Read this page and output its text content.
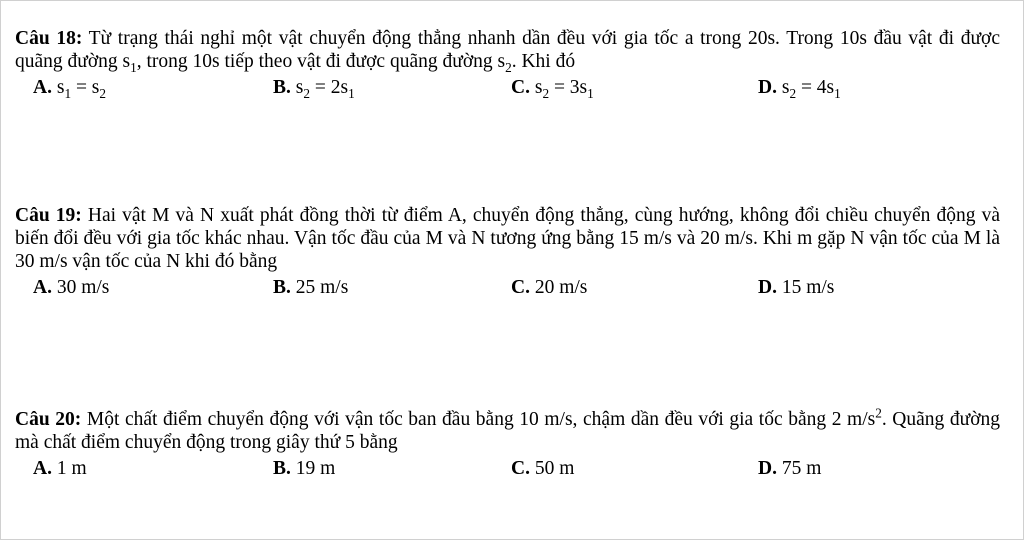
Câu 18: Từ trạng thái nghỉ một vật chuyển động thẳng nhanh dần đều với gia tốc a trong 20s. Trong 10s đầu vật đi được quãng đường $s_1$, trong 10s tiếp theo vật đi được quãng đường $s_2$. Khi đó

A. $s_1 = s_2$	B. $s_2 = 2s_1$	C. $s_2 = 3s_1$	D. $s_2 = 4s_1$

Câu 19: Hai vật M và N xuất phát đồng thời từ điểm A, chuyển động thẳng, cùng hướng, không đổi chiều chuyển động và biến đổi đều với gia tốc khác nhau. Vận tốc đầu của M và N tương ứng bằng 15 m/s và 20 m/s. Khi m gặp N vận tốc của M là 30 m/s vận tốc của N khi đó bằng

A. 30 m/s	B. 25 m/s	C. 20 m/s	D. 15 m/s

Câu 20: Một chất điểm chuyển động với vận tốc ban đầu bằng 10 m/s, chậm dần đều với gia tốc bằng 2 $m/s^2$. Quãng đường mà chất điểm chuyển động trong giây thứ 5 bằng

A. 1 m	B. 19 m	C. 50 m	D. 75 m
